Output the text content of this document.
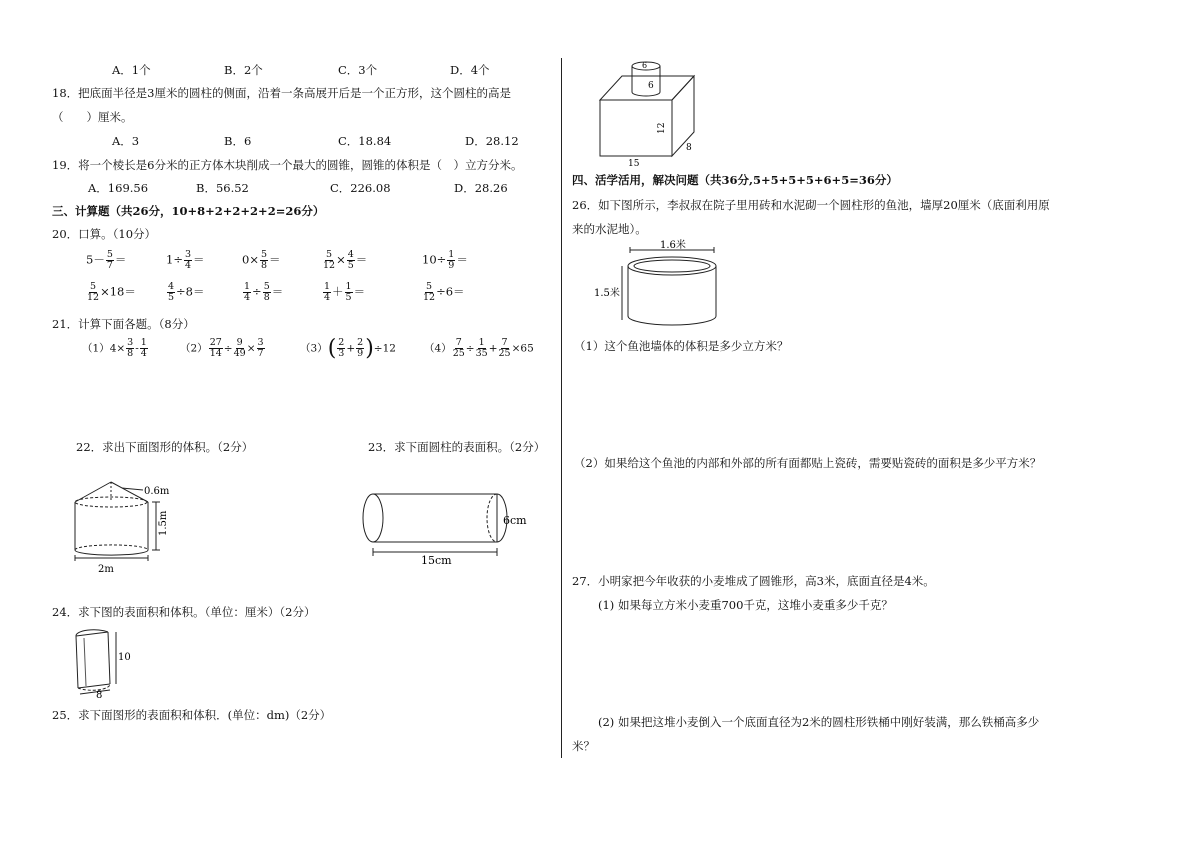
A．1个	B．2个	C．3个	D．4个
18．把底面半径是3厘米的圆柱的侧面，沿着一条高展开后是一个正方形，这个圆柱的高是
（　　）厘米。
A．3	B．6	C．18.84	D．28.12
19．将一个棱长是6分米的正方体木块削成一个最大的圆锥，圆锥的体积是（　）立方分米。
A．169.56	B．56.52	C．226.08	D．28.26
三、计算题（共26分，10+8+2+2+2+2=26分）
20．口算。（10分）
$5- \frac{5}{7}$ ＝	$1\div \frac{3}{4}$ ＝	$0\times \frac{5}{8}$ ＝	$\frac{5}{12} \times \frac{4}{5}$ ＝	$10\div \frac{1}{9}$ ＝
$\frac{5}{12} \times 18=$	$\frac{4}{5} \div 8=$	$\frac{1}{4} \div \frac{5}{8}$ ＝	$\frac{1}{4} + \frac{1}{5}$ ＝	$\frac{5}{12} \div 6=$
21．计算下面各题。（8分）
$(1)4\times \frac{3}{8} - \frac{1}{4}$	$(2) \frac{27}{14} \div \frac{9}{49} \times \frac{3}{7}$	$(3)( \frac{2}{3} + \frac{2}{9} )\div 12$	$(4) \frac{7}{25} \div \frac{1}{35} + \frac{7}{25} \times 65$
22．求出下面图形的体积。（2分）	23．求下面圆柱的表面积。（2分）
0.6m
1.5m
2m
6cm
15cm
24．求下图的表面积和体积。（单位：厘米）（2分）
10
8
25．求下面图形的表面积和体积．(单位：dm)（2分）
6
6
12
8
15
四、活学活用，解决问题（共36分,5+5+5+5+6+5=36分）
26．如下图所示，李叔叔在院子里用砖和水泥砌一个圆柱形的鱼池，墙厚20厘米（底面利用原
来的水泥地）。
1.6米
1.5米
（1）这个鱼池墙体的体积是多少立方米？
（2）如果给这个鱼池的内部和外部的所有面都贴上瓷砖，需要贴瓷砖的面积是多少平方米？
27．小明家把今年收获的小麦堆成了圆锥形，高3米，底面直径是4米。
(1) 如果每立方米小麦重700千克，这堆小麦重多少千克？
(2) 如果把这堆小麦倒入一个底面直径为2米的圆柱形铁桶中刚好装满，那么铁桶高多少
米？
